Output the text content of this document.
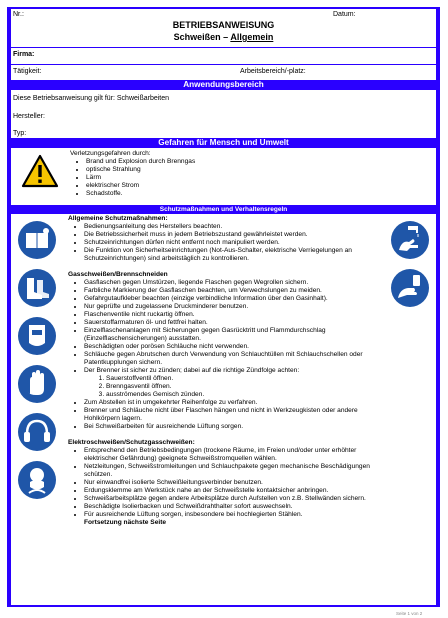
Nr.:	Datum:
BETRIEBSANWEISUNG
Schweißen – Allgemein
Firma:
Tätigkeit:	Arbeitsbereich/-platz:
Anwendungsbereich
Diese Betriebsanweisung gilt für: Schweißarbeiten
Hersteller:
Typ:
Gefahren für Mensch und Umwelt
Verletzungsgefahren durch:
• Brand und Explosion durch Brenngas
• optische Strahlung
• Lärm
• elektrischer Strom
• Schadstoffe.
Schutzmaßnahmen und Verhaltensregeln
Allgemeine Schutzmaßnahmen:
• Bedienungsanleitung des Herstellers beachten.
• Die Betriebssicherheit muss in jedem Betriebszustand gewährleistet werden.
• Schutzeinrichtungen dürfen nicht entfernt noch manipuliert werden.
• Die Funktion von Sicherheitseinrichtungen (Not-Aus-Schalter, elektrische Verriegelungen an Schutzeinrichtungen) sind arbeitstäglich zu kontrollieren.
Gasschweißen/Brennschneiden
• Gasflaschen gegen Umstürzen, liegende Flaschen gegen Wegrollen sichern.
• Farbliche Markierung der Gasflaschen beachten, um Verwechslungen zu meiden.
• Gefahrgutaufkleber beachten (einzige verbindliche Information über den Gasinhalt).
• Nur geprüfte und zugelassene Druckminderer benutzen.
• Flaschenventile nicht ruckartig öffnen.
• Sauerstoffarmaturen öl- und fettfrei halten.
• Einzelflaschenanlagen mit Sicherungen gegen Gasrücktritt und Flammdurchschlag (Einzelflaschensicherungen) ausstatten.
• Beschädigten oder porösen Schläuche nicht verwenden.
• Schläuche gegen Abrutschen durch Verwendung von Schlauchtüllen mit Schlauchschellen oder Patentkupplungen sichern.
• Der Brenner ist sicher zu zünden; dabei auf die richtige Zündfolge achten:
1. Sauerstoffventil öffnen.
2. Brenngasventil öffnen.
3. ausströmendes Gemisch zünden.
• Zum Abstellen ist in umgekehrter Reihenfolge zu verfahren.
• Brenner und Schläuche nicht über Flaschen hängen und nicht in Werkzeugkisten oder andere Hohlkörpern lagern.
• Bei Schweißarbeiten für ausreichende Lüftung sorgen.
Elektroschweißen/Schutzgasschweißen:
• Entsprechend den Betriebsbedingungen (trockene Räume, im Freien und/oder unter erhöhter elektrischer Gefährdung) geeignete Schweißstromquellen wählen.
• Netzleitungen, Schweißstromleitungen und Schlauchpakete gegen mechanische Beschädigungen schützen.
• Nur einwandfrei isolierte Schweißleitungsverbinder benutzen.
• Erdungsklemme am Werkstück nahe an der Schweißstelle kontaktsicher anbringen.
• Schweißarbeitsplätze gegen andere Arbeitsplätze durch Aufstellen von z.B. Stellwänden sichern.
• Beschädigte Isolierbacken und Schweißdrahthalter sofort auswechseln.
• Für ausreichende Lüftung sorgen, insbesondere bei hochlegierten Stählen.
Fortsetzung nächste Seite
Seite 1 von 2
